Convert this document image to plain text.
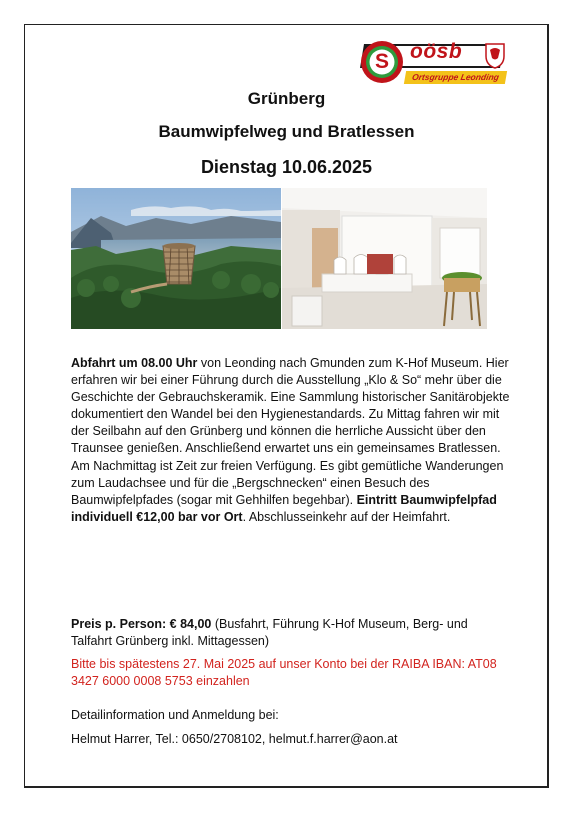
S oösb
Ortsgruppe Leonding
Grünberg
Baumwipfelweg und Bratlessen
Dienstag 10.06.2025
Abfahrt um 08.00 Uhr von Leonding nach Gmunden zum K-Hof Museum. Hier erfahren wir bei einer Führung durch die Ausstellung „Klo & So“ mehr über die Geschichte der Gebrauchskeramik. Eine Sammlung historischer Sanitärobjekte dokumentiert den Wandel bei den Hygienestandards. Zu Mittag fahren wir mit der Seilbahn auf den Grünberg und können die herrliche Aussicht über den Traunsee genießen. Anschließend erwartet uns ein gemeinsames Bratlessen. Am Nachmittag ist Zeit zur freien Verfügung. Es gibt gemütliche Wanderungen zum Laudachsee und für die „Bergschnecken“ einen Besuch des Baumwipfelpfades (sogar mit Gehhilfen begehbar). Eintritt Baumwipfelpfad individuell €12,00 bar vor Ort. Abschlusseinkehr auf der Heimfahrt.
Preis p. Person: € 84,00 (Busfahrt, Führung K-Hof Museum, Berg- und Talfahrt Grünberg inkl. Mittagessen)
Bitte bis spätestens 27. Mai 2025 auf unser Konto bei der RAIBA IBAN: AT08 3427 6000 0008 5753 einzahlen
Detailinformation und Anmeldung bei:
Helmut Harrer, Tel.: 0650/2708102, helmut.f.harrer@aon.at
